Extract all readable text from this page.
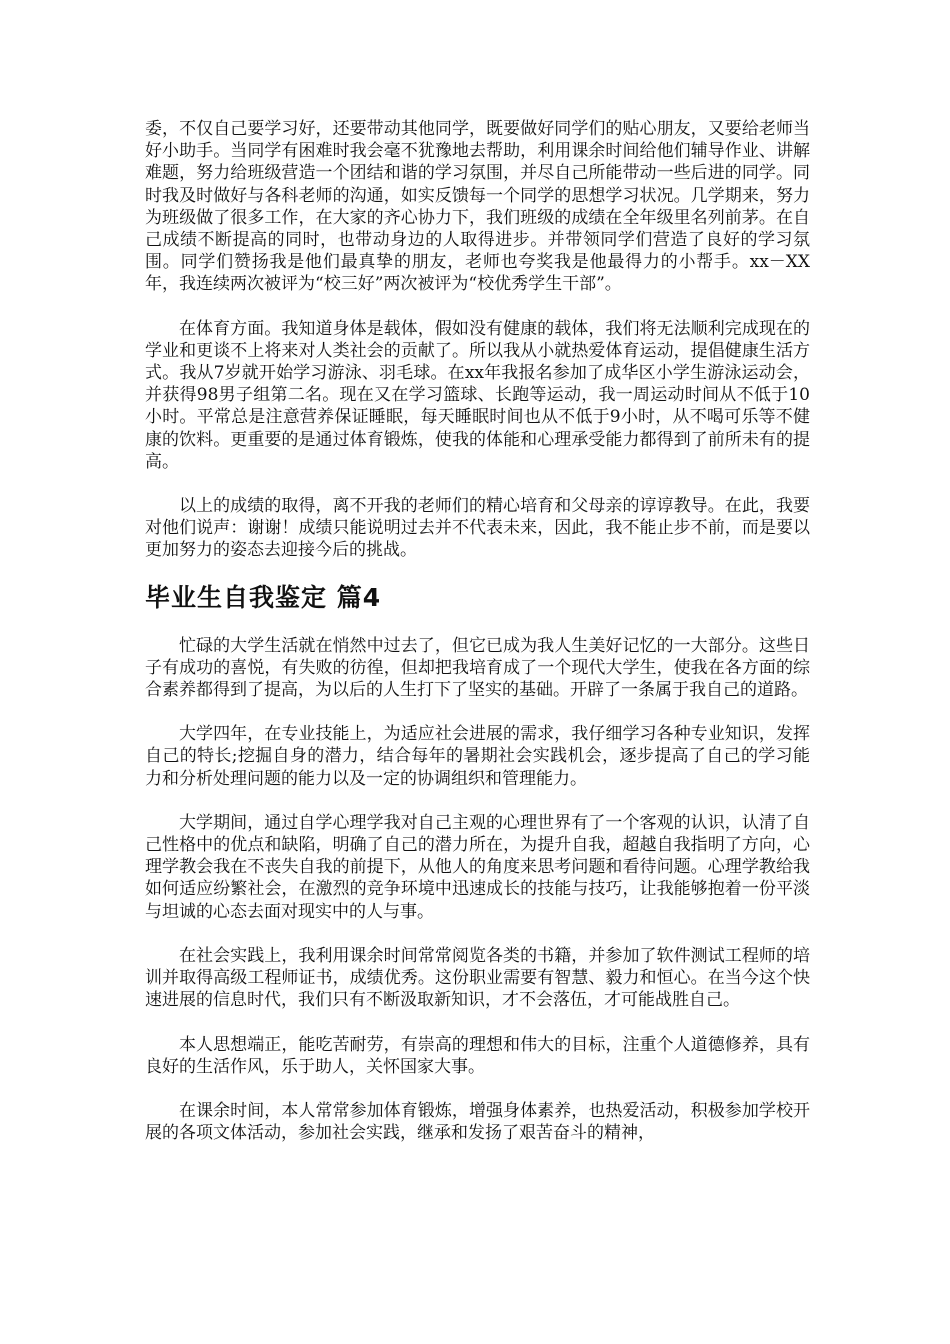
委，不仅自己要学习好，还要带动其他同学，既要做好同学们的贴心朋友，又要给老师当好小助手。当同学有困难时我会毫不犹豫地去帮助，利用课余时间给他们辅导作业、讲解难题，努力给班级营造一个团结和谐的学习氛围，并尽自己所能带动一些后进的同学。同时我及时做好与各科老师的沟通，如实反馈每一个同学的思想学习状况。几学期来，努力为班级做了很多工作，在大家的齐心协力下，我们班级的成绩在全年级里名列前茅。在自己成绩不断提高的同时，也带动身边的人取得进步。并带领同学们营造了良好的学习氛围。同学们赞扬我是他们最真挚的朋友，老师也夸奖我是他最得力的小帮手。xx－XX年，我连续两次被评为“校三好”两次被评为“校优秀学生干部”。

在体育方面。我知道身体是载体，假如没有健康的载体，我们将无法顺利完成现在的学业和更谈不上将来对人类社会的贡献了。所以我从小就热爱体育运动，提倡健康生活方式。我从7岁就开始学习游泳、羽毛球。在xx年我报名参加了成华区小学生游泳运动会，并获得98男子组第二名。现在又在学习篮球、长跑等运动，我一周运动时间从不低于10小时。平常总是注意营养保证睡眠，每天睡眠时间也从不低于9小时，从不喝可乐等不健康的饮料。更重要的是通过体育锻炼，使我的体能和心理承受能力都得到了前所未有的提高。

以上的成绩的取得，离不开我的老师们的精心培育和父母亲的谆谆教导。在此，我要对他们说声：谢谢！成绩只能说明过去并不代表未来，因此，我不能止步不前，而是要以更加努力的姿态去迎接今后的挑战。

毕业生自我鉴定 篇4

忙碌的大学生活就在悄然中过去了，但它已成为我人生美好记忆的一大部分。这些日子有成功的喜悦，有失败的彷徨，但却把我培育成了一个现代大学生，使我在各方面的综合素养都得到了提高，为以后的人生打下了坚实的基础。开辟了一条属于我自己的道路。

大学四年，在专业技能上，为适应社会进展的需求，我仔细学习各种专业知识，发挥自己的特长;挖掘自身的潜力，结合每年的暑期社会实践机会，逐步提高了自己的学习能力和分析处理问题的能力以及一定的协调组织和管理能力。

大学期间，通过自学心理学我对自己主观的心理世界有了一个客观的认识，认清了自己性格中的优点和缺陷，明确了自己的潜力所在，为提升自我，超越自我指明了方向，心理学教会我在不丧失自我的前提下，从他人的角度来思考问题和看待问题。心理学教给我如何适应纷繁社会，在激烈的竞争环境中迅速成长的技能与技巧，让我能够抱着一份平淡与坦诚的心态去面对现实中的人与事。

在社会实践上，我利用课余时间常常阅览各类的书籍，并参加了软件测试工程师的培训并取得高级工程师证书，成绩优秀。这份职业需要有智慧、毅力和恒心。在当今这个快速进展的信息时代，我们只有不断汲取新知识，才不会落伍，才可能战胜自己。

本人思想端正，能吃苦耐劳，有崇高的理想和伟大的目标，注重个人道德修养，具有良好的生活作风，乐于助人，关怀国家大事。

在课余时间，本人常常参加体育锻炼，增强身体素养，也热爱活动，积极参加学校开展的各项文体活动，参加社会实践，继承和发扬了艰苦奋斗的精神，
